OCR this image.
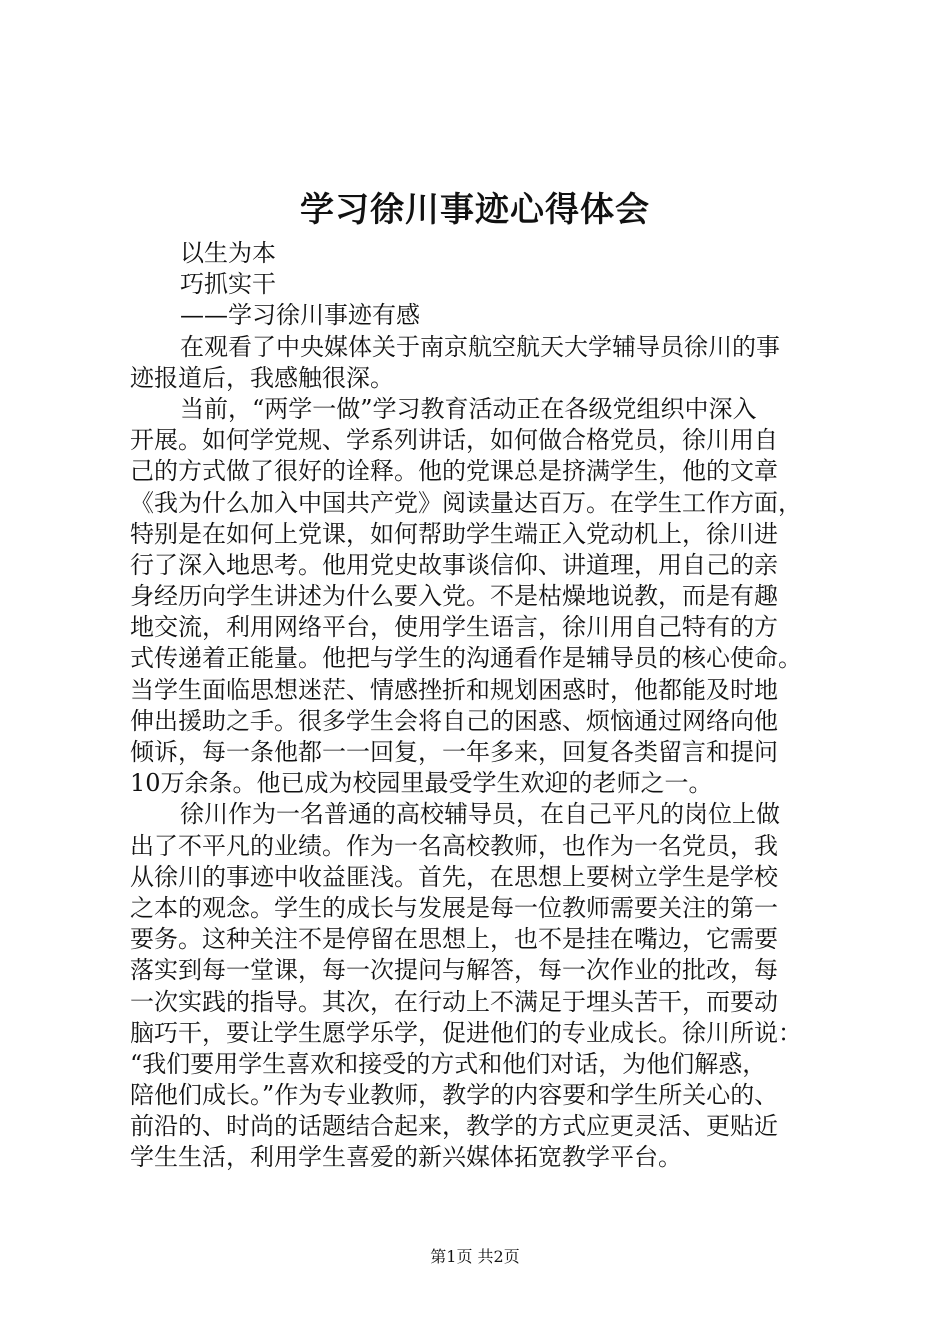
学习徐川事迹心得体会
以生为本
巧抓实干
——学习徐川事迹有感
在观看了中央媒体关于南京航空航天大学辅导员徐川的事
迹报道后，我感触很深。
当前，“两学一做”学习教育活动正在各级党组织中深入
开展。如何学党规、学系列讲话，如何做合格党员，徐川用自
己的方式做了很好的诠释。他的党课总是挤满学生，他的文章
《我为什么加入中国共产党》阅读量达百万。在学生工作方面，
特别是在如何上党课，如何帮助学生端正入党动机上，徐川进
行了深入地思考。他用党史故事谈信仰、讲道理，用自己的亲
身经历向学生讲述为什么要入党。不是枯燥地说教，而是有趣
地交流，利用网络平台，使用学生语言，徐川用自己特有的方
式传递着正能量。他把与学生的沟通看作是辅导员的核心使命。
当学生面临思想迷茫、情感挫折和规划困惑时，他都能及时地
伸出援助之手。很多学生会将自己的困惑、烦恼通过网络向他
倾诉，每一条他都一一回复，一年多来，回复各类留言和提问
10万余条。他已成为校园里最受学生欢迎的老师之一。
徐川作为一名普通的高校辅导员，在自己平凡的岗位上做
出了不平凡的业绩。作为一名高校教师，也作为一名党员，我
从徐川的事迹中收益匪浅。首先，在思想上要树立学生是学校
之本的观念。学生的成长与发展是每一位教师需要关注的第一
要务。这种关注不是停留在思想上，也不是挂在嘴边，它需要
落实到每一堂课，每一次提问与解答，每一次作业的批改，每
一次实践的指导。其次，在行动上不满足于埋头苦干，而要动
脑巧干，要让学生愿学乐学，促进他们的专业成长。徐川所说：
“我们要用学生喜欢和接受的方式和他们对话，为他们解惑，
陪他们成长。”作为专业教师，教学的内容要和学生所关心的、
前沿的、时尚的话题结合起来，教学的方式应更灵活、更贴近
学生生活，利用学生喜爱的新兴媒体拓宽教学平台。
第1页 共2页
